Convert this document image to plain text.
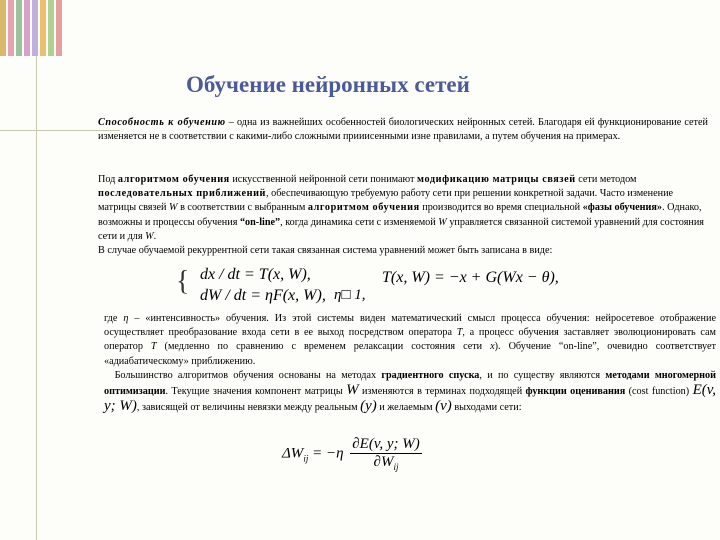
Обучение нейронных сетей
Способность к обучению – одна из важнейших особенностей биологических нейронных сетей. Благодаря ей функционирование сетей изменяется не в соответствии с какими-либо сложными прииисенными изне правилами, а путем обучения на примерах.
Под алгоритмом обучения искусственной нейронной сети понимают модификацию матрицы связей сети методом последовательных приближений, обеспечивающую требуемую работу сети при решении конкретной задачи. Часто изменение матрицы связей W в соответствии с выбранным алгоритмом обучения производится во время специальной «фазы обучения». Однако, возможны и процессы обучения “on-line”, когда динамика сети с изменяемой W управляется связанной системой уравнений для состояния сети и для W.
В случае обучаемой рекуррентной сети такая связанная система уравнений может быть записана в виде:
{ dx / dt = T(x, W),
dW / dt = ηF(x, W), η□ 1,
T(x, W) = −x + G(Wx − θ),
где η – «интенсивность» обучения. Из этой системы виден математический смысл процесса обучения: нейросетевое отображение осуществляет преобразование входа сети в ее выход посредством оператора T, а процесс обучения заставляет эволюционировать сам оператор T (медленно по сравнению с временем релаксации состояния сети x). Обучение “on-line”, очевидно соответствует «адиабатическому» приближению.
Большинство алгоритмов обучения основаны на методах градиентного спуска, и по существу являются методами многомерной оптимизации. Текущие значения компонент матрицы W изменяются в терминах подходящей функции оценивания (cost function) E(v, y; W), зависящей от величины невязки между реальным (y) и желаемым (v) выходами сети:
$\Delta W_{ij} = -\eta$
∂E(v, y; W)
$\partial W_{ij}$
